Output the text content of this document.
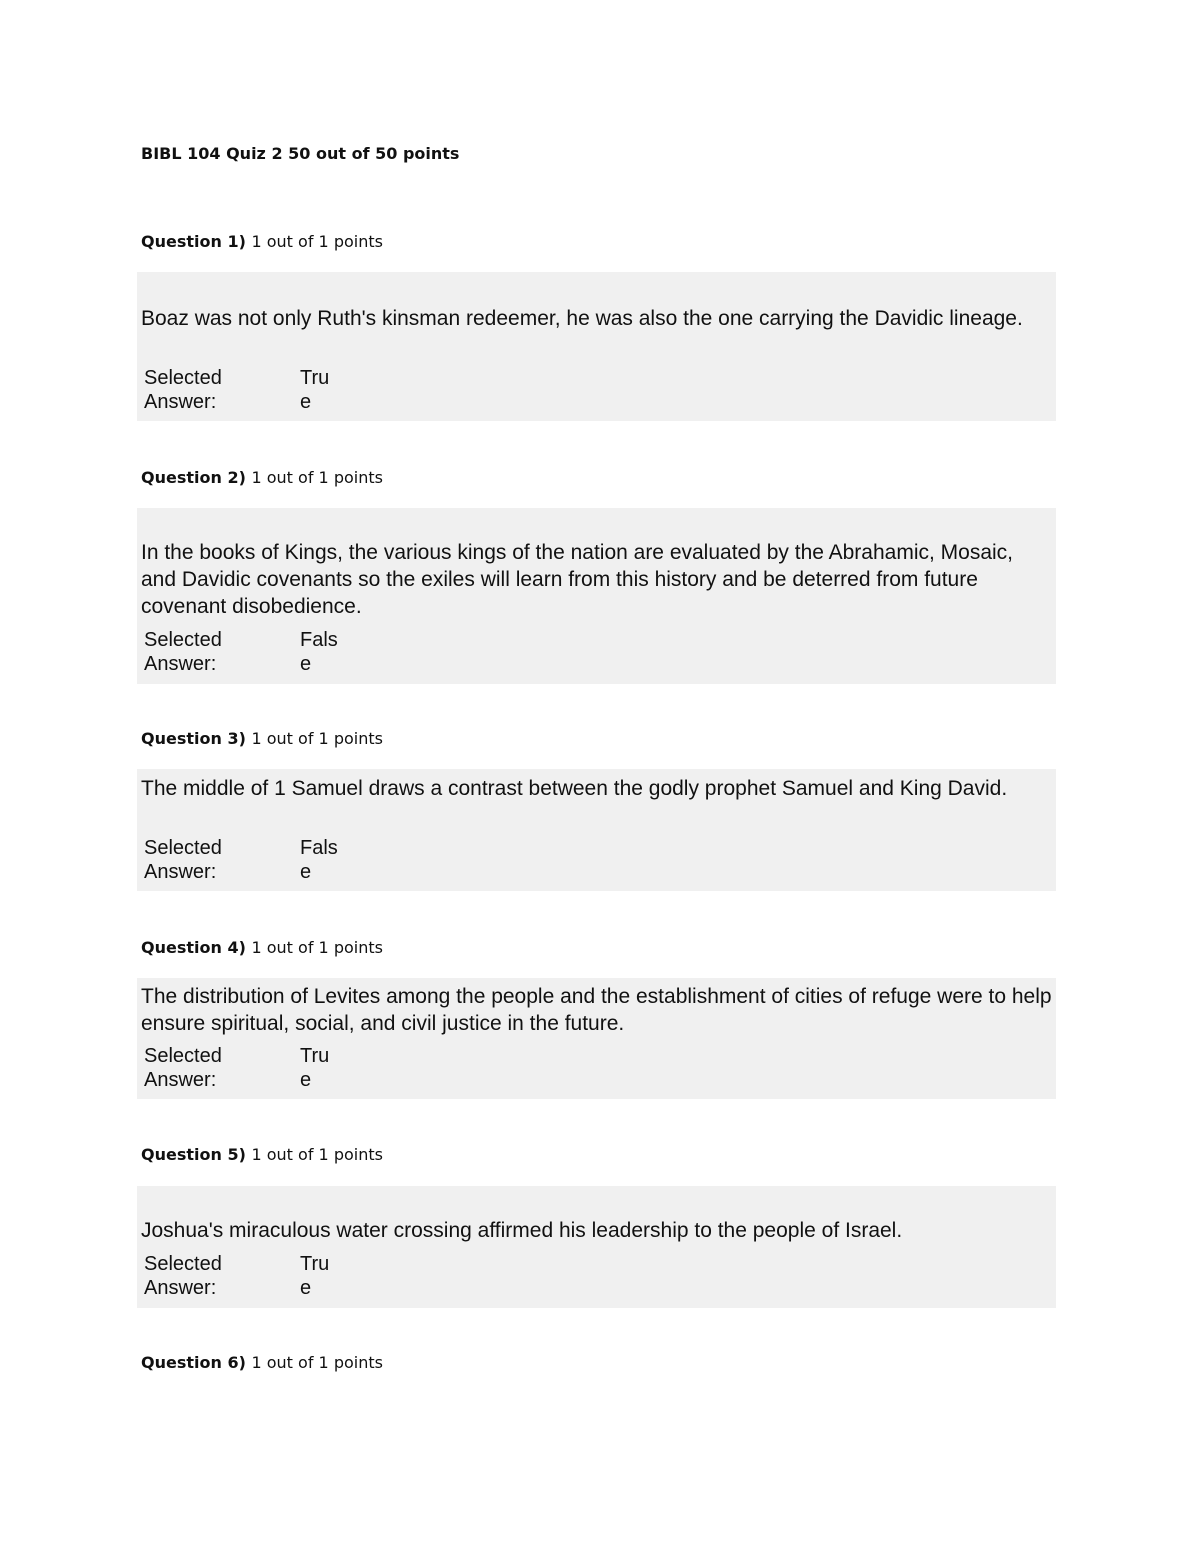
BIBL 104 Quiz 2 50 out of 50 points
Question 1) 1 out of 1 points
Boaz was not only Ruth's kinsman redeemer, he was also the one carrying the Davidic lineage.
Selected Answer:
True
Question 2) 1 out of 1 points
In the books of Kings, the various kings of the nation are evaluated by the Abrahamic, Mosaic, and Davidic covenants so the exiles will learn from this history and be deterred from future covenant disobedience.
Selected Answer:
False
Question 3) 1 out of 1 points
The middle of 1 Samuel draws a contrast between the godly prophet Samuel and King David.
Selected Answer:
False
Question 4) 1 out of 1 points
The distribution of Levites among the people and the establishment of cities of refuge were to help ensure spiritual, social, and civil justice in the future.
Selected Answer:
True
Question 5) 1 out of 1 points
Joshua's miraculous water crossing affirmed his leadership to the people of Israel.
Selected Answer:
True
Question 6) 1 out of 1 points
